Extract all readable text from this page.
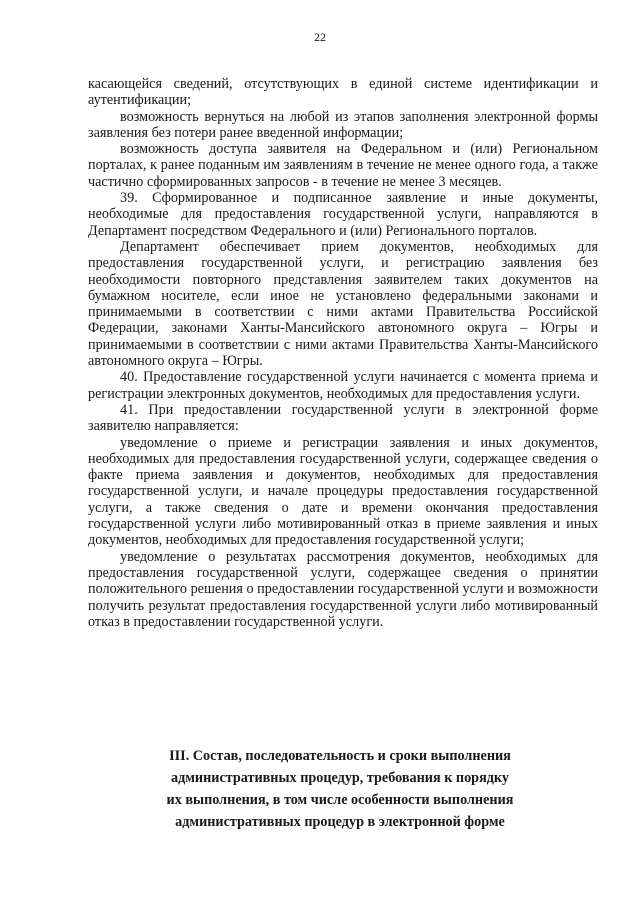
22

касающейся сведений, отсутствующих в единой системе идентификации и аутентификации;

возможность вернуться на любой из этапов заполнения электронной формы заявления без потери ранее введенной информации;

возможность доступа заявителя на Федеральном и (или) Региональном порталах, к ранее поданным им заявлениям в течение не менее одного года, а также частично сформированных запросов - в течение не менее 3 месяцев.

39. Сформированное и подписанное заявление и иные документы, необходимые для предоставления государственной услуги, направляются в Департамент посредством Федерального и (или) Регионального порталов.

Департамент обеспечивает прием документов, необходимых для предоставления государственной услуги, и регистрацию заявления без необходимости повторного представления заявителем таких документов на бумажном носителе, если иное не установлено федеральными законами и принимаемыми в соответствии с ними актами Правительства Российской Федерации, законами Ханты-Мансийского автономного округа – Югры и принимаемыми в соответствии с ними актами Правительства Ханты-Мансийского автономного округа – Югры.

40. Предоставление государственной услуги начинается с момента приема и регистрации электронных документов, необходимых для предоставления услуги.

41. При предоставлении государственной услуги в электронной форме заявителю направляется:

уведомление о приеме и регистрации заявления и иных документов, необходимых для предоставления государственной услуги, содержащее сведения о факте приема заявления и документов, необходимых для предоставления государственной услуги, и начале процедуры предоставления государственной услуги, а также сведения о дате и времени окончания предоставления государственной услуги либо мотивированный отказ в приеме заявления и иных документов, необходимых для предоставления государственной услуги;

уведомление о результатах рассмотрения документов, необходимых для предоставления государственной услуги, содержащее сведения о принятии положительного решения о предоставлении государственной услуги и возможности получить результат предоставления государственной услуги либо мотивированный отказ в предоставлении государственной услуги.

III. Состав, последовательность и сроки выполнения
административных процедур, требования к порядку
их выполнения, в том числе особенности выполнения
административных процедур в электронной форме
